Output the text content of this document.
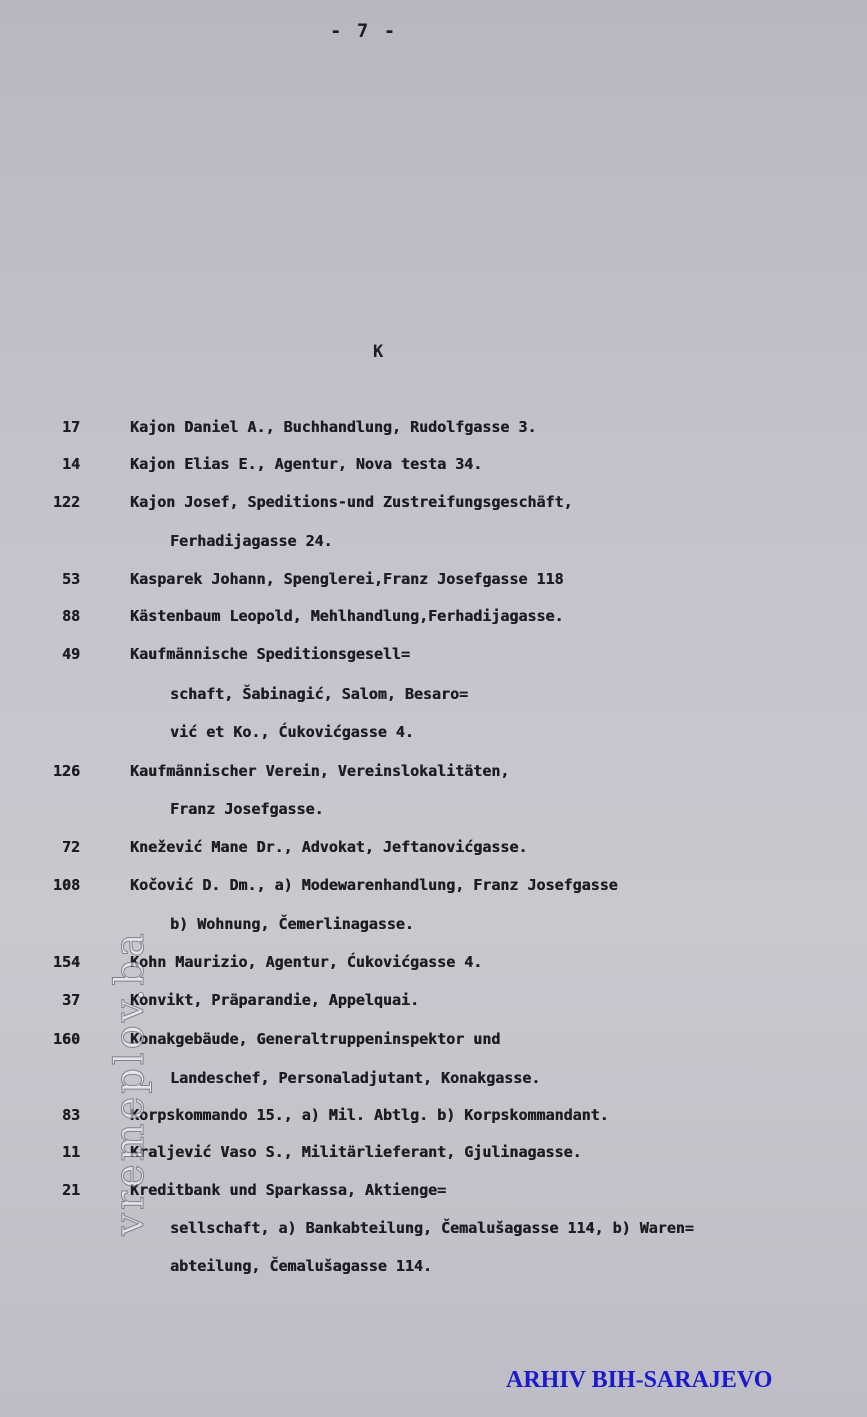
- 7 -
K
17	Kajon Daniel A., Buchhandlung, Rudolfgasse 3.
14	Kajon Elias E., Agentur, Nova testa 34.
122	Kajon Josef, Speditions-und Zustreifungsgeschäft,
Ferhadijagasse 24.
53	Kasparek Johann, Spenglerei,Franz Josefgasse 118
88	Kästenbaum Leopold, Mehlhandlung,Ferhadijagasse.
49	Kaufmännische Speditionsgesell=
schaft, Šabinagić, Salom, Besaro=
vić et Ko., Ćukovićgasse 4.
126	Kaufmännischer Verein, Vereinslokalitäten,
Franz Josefgasse.
72	Knežević Mane Dr., Advokat, Jeftanovićgasse.
108	Kočović D. Dm., a) Modewarenhandlung, Franz Josefgasse
b) Wohnung, Čemerlinagasse.
154	Kohn Maurizio, Agentur, Ćukovićgasse 4.
37	Konvikt, Präparandie, Appelquai.
160	Konakgebäude, Generaltruppeninspektor und
Landeschef, Personaladjutant, Konakgasse.
83	Korpskommando 15., a) Mil. Abtlg. b) Korpskommandant.
11	Kraljević Vaso S., Militärlieferant, Gjulinagasse.
21	Kreditbank und Sparkassa, Aktienge=
sellschaft, a) Bankabteilung, Čemalušagasse 114, b) Waren=
abteilung, Čemalušagasse 114.
vremeplov.ba
ARHIV BIH-SARAJEVO
